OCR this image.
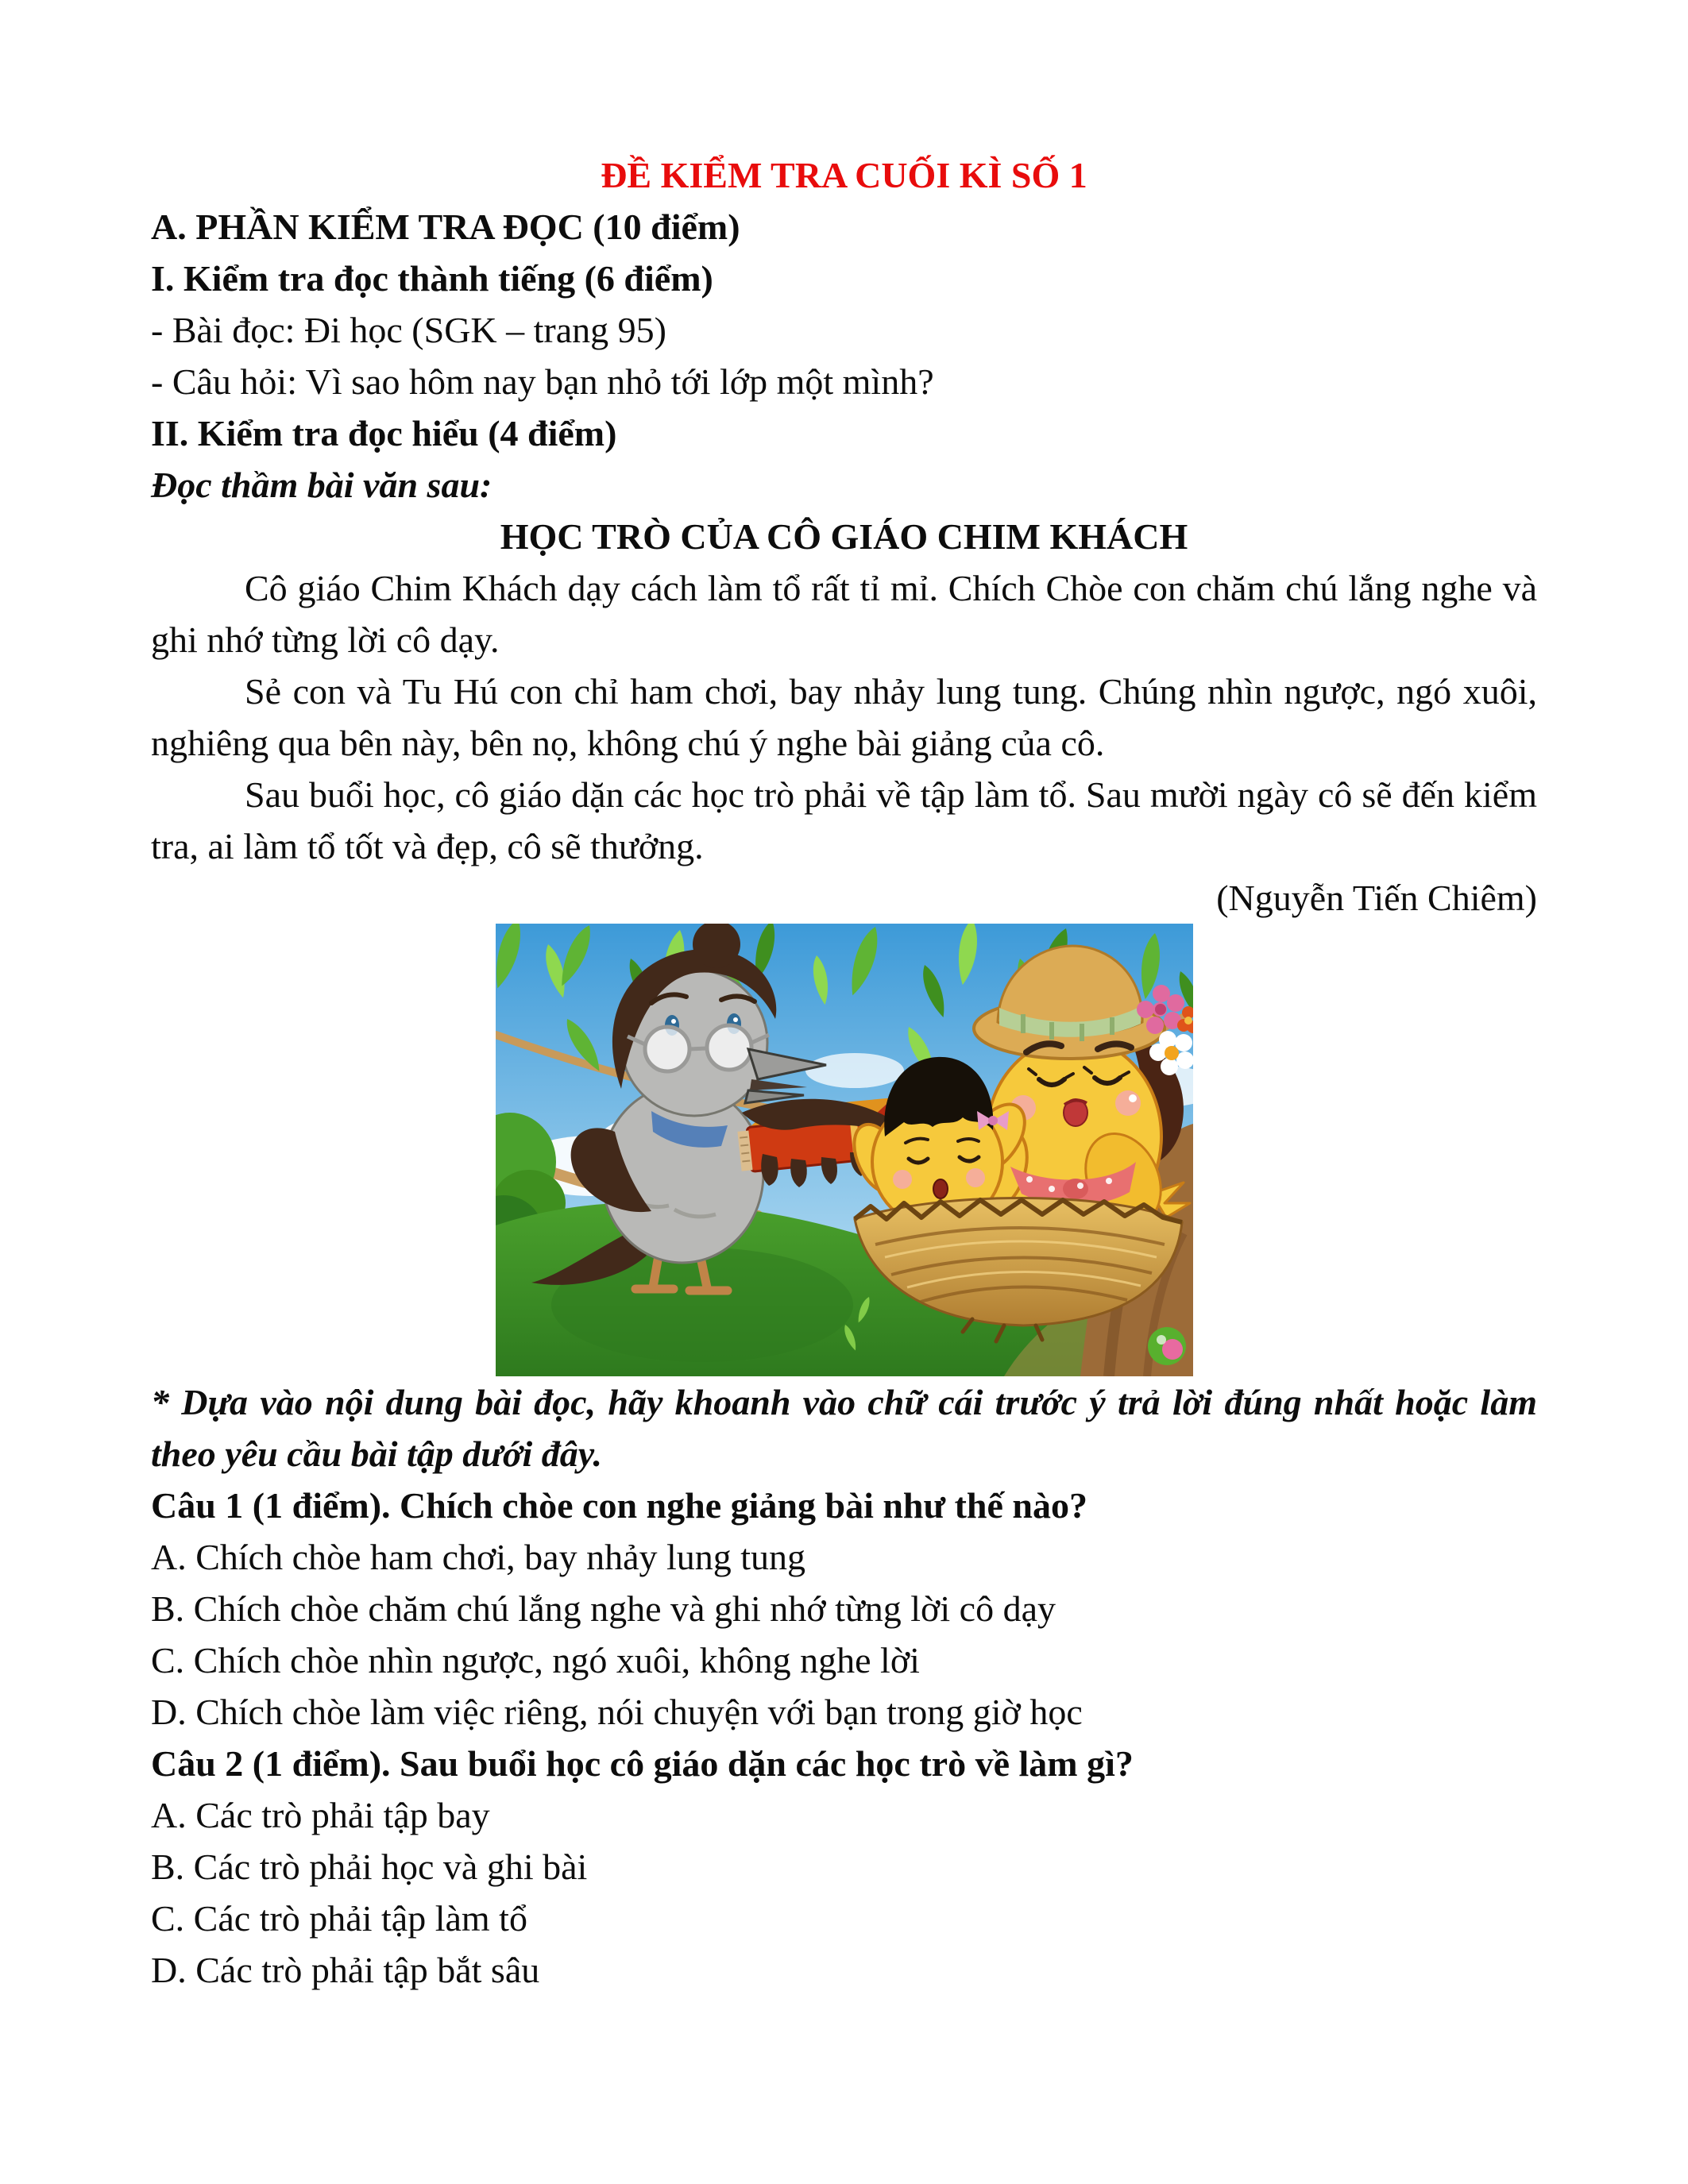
ĐỀ KIỂM TRA CUỐI KÌ SỐ 1
A. PHẦN KIỂM TRA ĐỌC (10 điểm)
I. Kiểm tra đọc thành tiếng (6 điểm)
- Bài đọc: Đi học (SGK – trang 95)
- Câu hỏi: Vì sao hôm nay bạn nhỏ tới lớp một mình?
II. Kiểm tra đọc hiểu (4 điểm)
Đọc thầm bài văn sau:
HỌC TRÒ CỦA CÔ GIÁO CHIM KHÁCH

Cô giáo Chim Khách dạy cách làm tổ rất tỉ mỉ. Chích Chòe con chăm chú lắng nghe và ghi nhớ từng lời cô dạy.

Sẻ con và Tu Hú con chỉ ham chơi, bay nhảy lung tung. Chúng nhìn ngược, ngó xuôi, nghiêng qua bên này, bên nọ, không chú ý nghe bài giảng của cô.

Sau buổi học, cô giáo dặn các học trò phải về tập làm tổ. Sau mười ngày cô sẽ đến kiểm tra, ai làm tổ tốt và đẹp, cô sẽ thưởng.

(Nguyễn Tiến Chiêm)
* Dựa vào nội dung bài đọc, hãy khoanh vào chữ cái trước ý trả lời đúng nhất hoặc làm theo yêu cầu bài tập dưới đây.
Câu 1 (1 điểm). Chích chòe con nghe giảng bài như thế nào?
A. Chích chòe ham chơi, bay nhảy lung tung
B. Chích chòe chăm chú lắng nghe và ghi nhớ từng lời cô dạy
C. Chích chòe nhìn ngược, ngó xuôi, không nghe lời
D. Chích chòe làm việc riêng, nói chuyện với bạn trong giờ học
Câu 2 (1 điểm). Sau buổi học cô giáo dặn các học trò về làm gì?
A. Các trò phải tập bay
B. Các trò phải học và ghi bài
C. Các trò phải tập làm tổ
D. Các trò phải tập bắt sâu
